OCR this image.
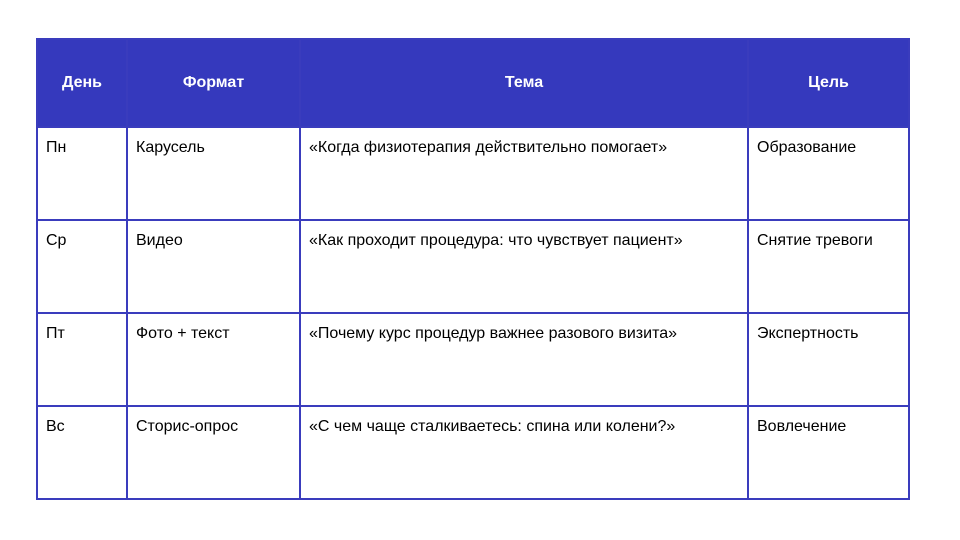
День	Формат	Тема	Цель
Пн	Карусель	«Когда физиотерапия действительно помогает»	Образование
Ср	Видео	«Как проходит процедура: что чувствует пациент»	Снятие тревоги
Пт	Фото + текст	«Почему курс процедур важнее разового визита»	Экспертность
Вс	Сторис-опрос	«С чем чаще сталкиваетесь: спина или колени?»	Вовлечение
